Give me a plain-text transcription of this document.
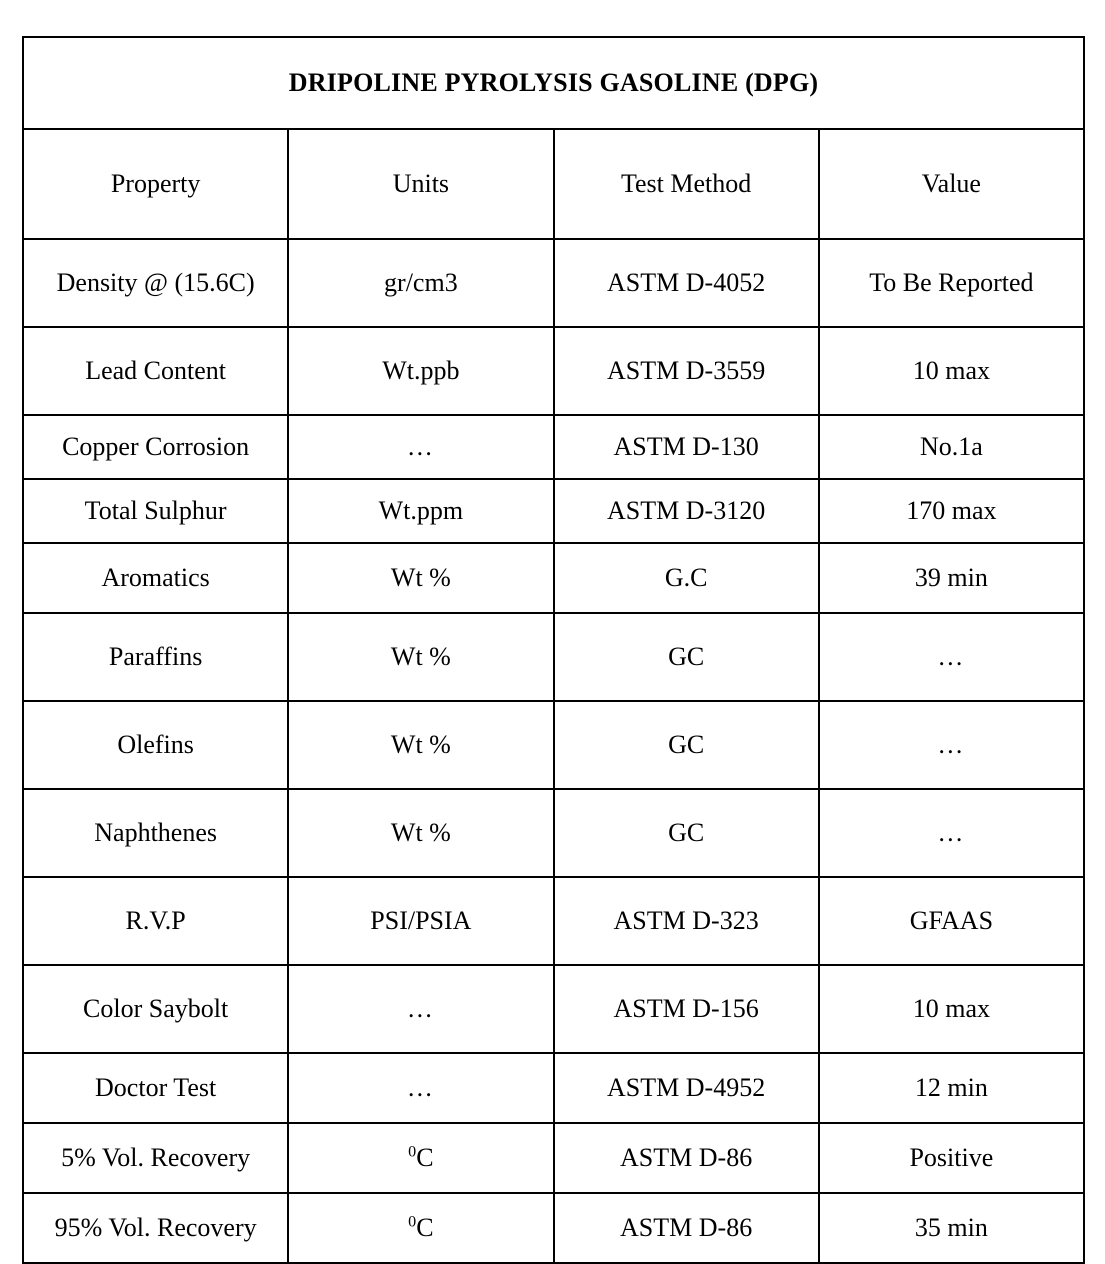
DRIPOLINE PYROLYSIS GASOLINE (DPG)			
Property	Units	Test Method	Value
Density @ (15.6C)	gr/cm3	ASTM D-4052	To Be Reported
Lead Content	Wt.ppb	ASTM D-3559	10 max
Copper Corrosion	…	ASTM D-130	No.1a
Total Sulphur	Wt.ppm	ASTM D-3120	170 max
Aromatics	Wt %	G.C	39 min
Paraffins	Wt %	GC	…
Olefins	Wt %	GC	…
Naphthenes	Wt %	GC	…
R.V.P	PSI/PSIA	ASTM D-323	GFAAS
Color Saybolt	…	ASTM D-156	10 max
Doctor Test	…	ASTM D-4952	12 min
5% Vol. Recovery	$^0$C	ASTM D-86	Positive
95% Vol. Recovery	$^0$C	ASTM D-86	35 min
